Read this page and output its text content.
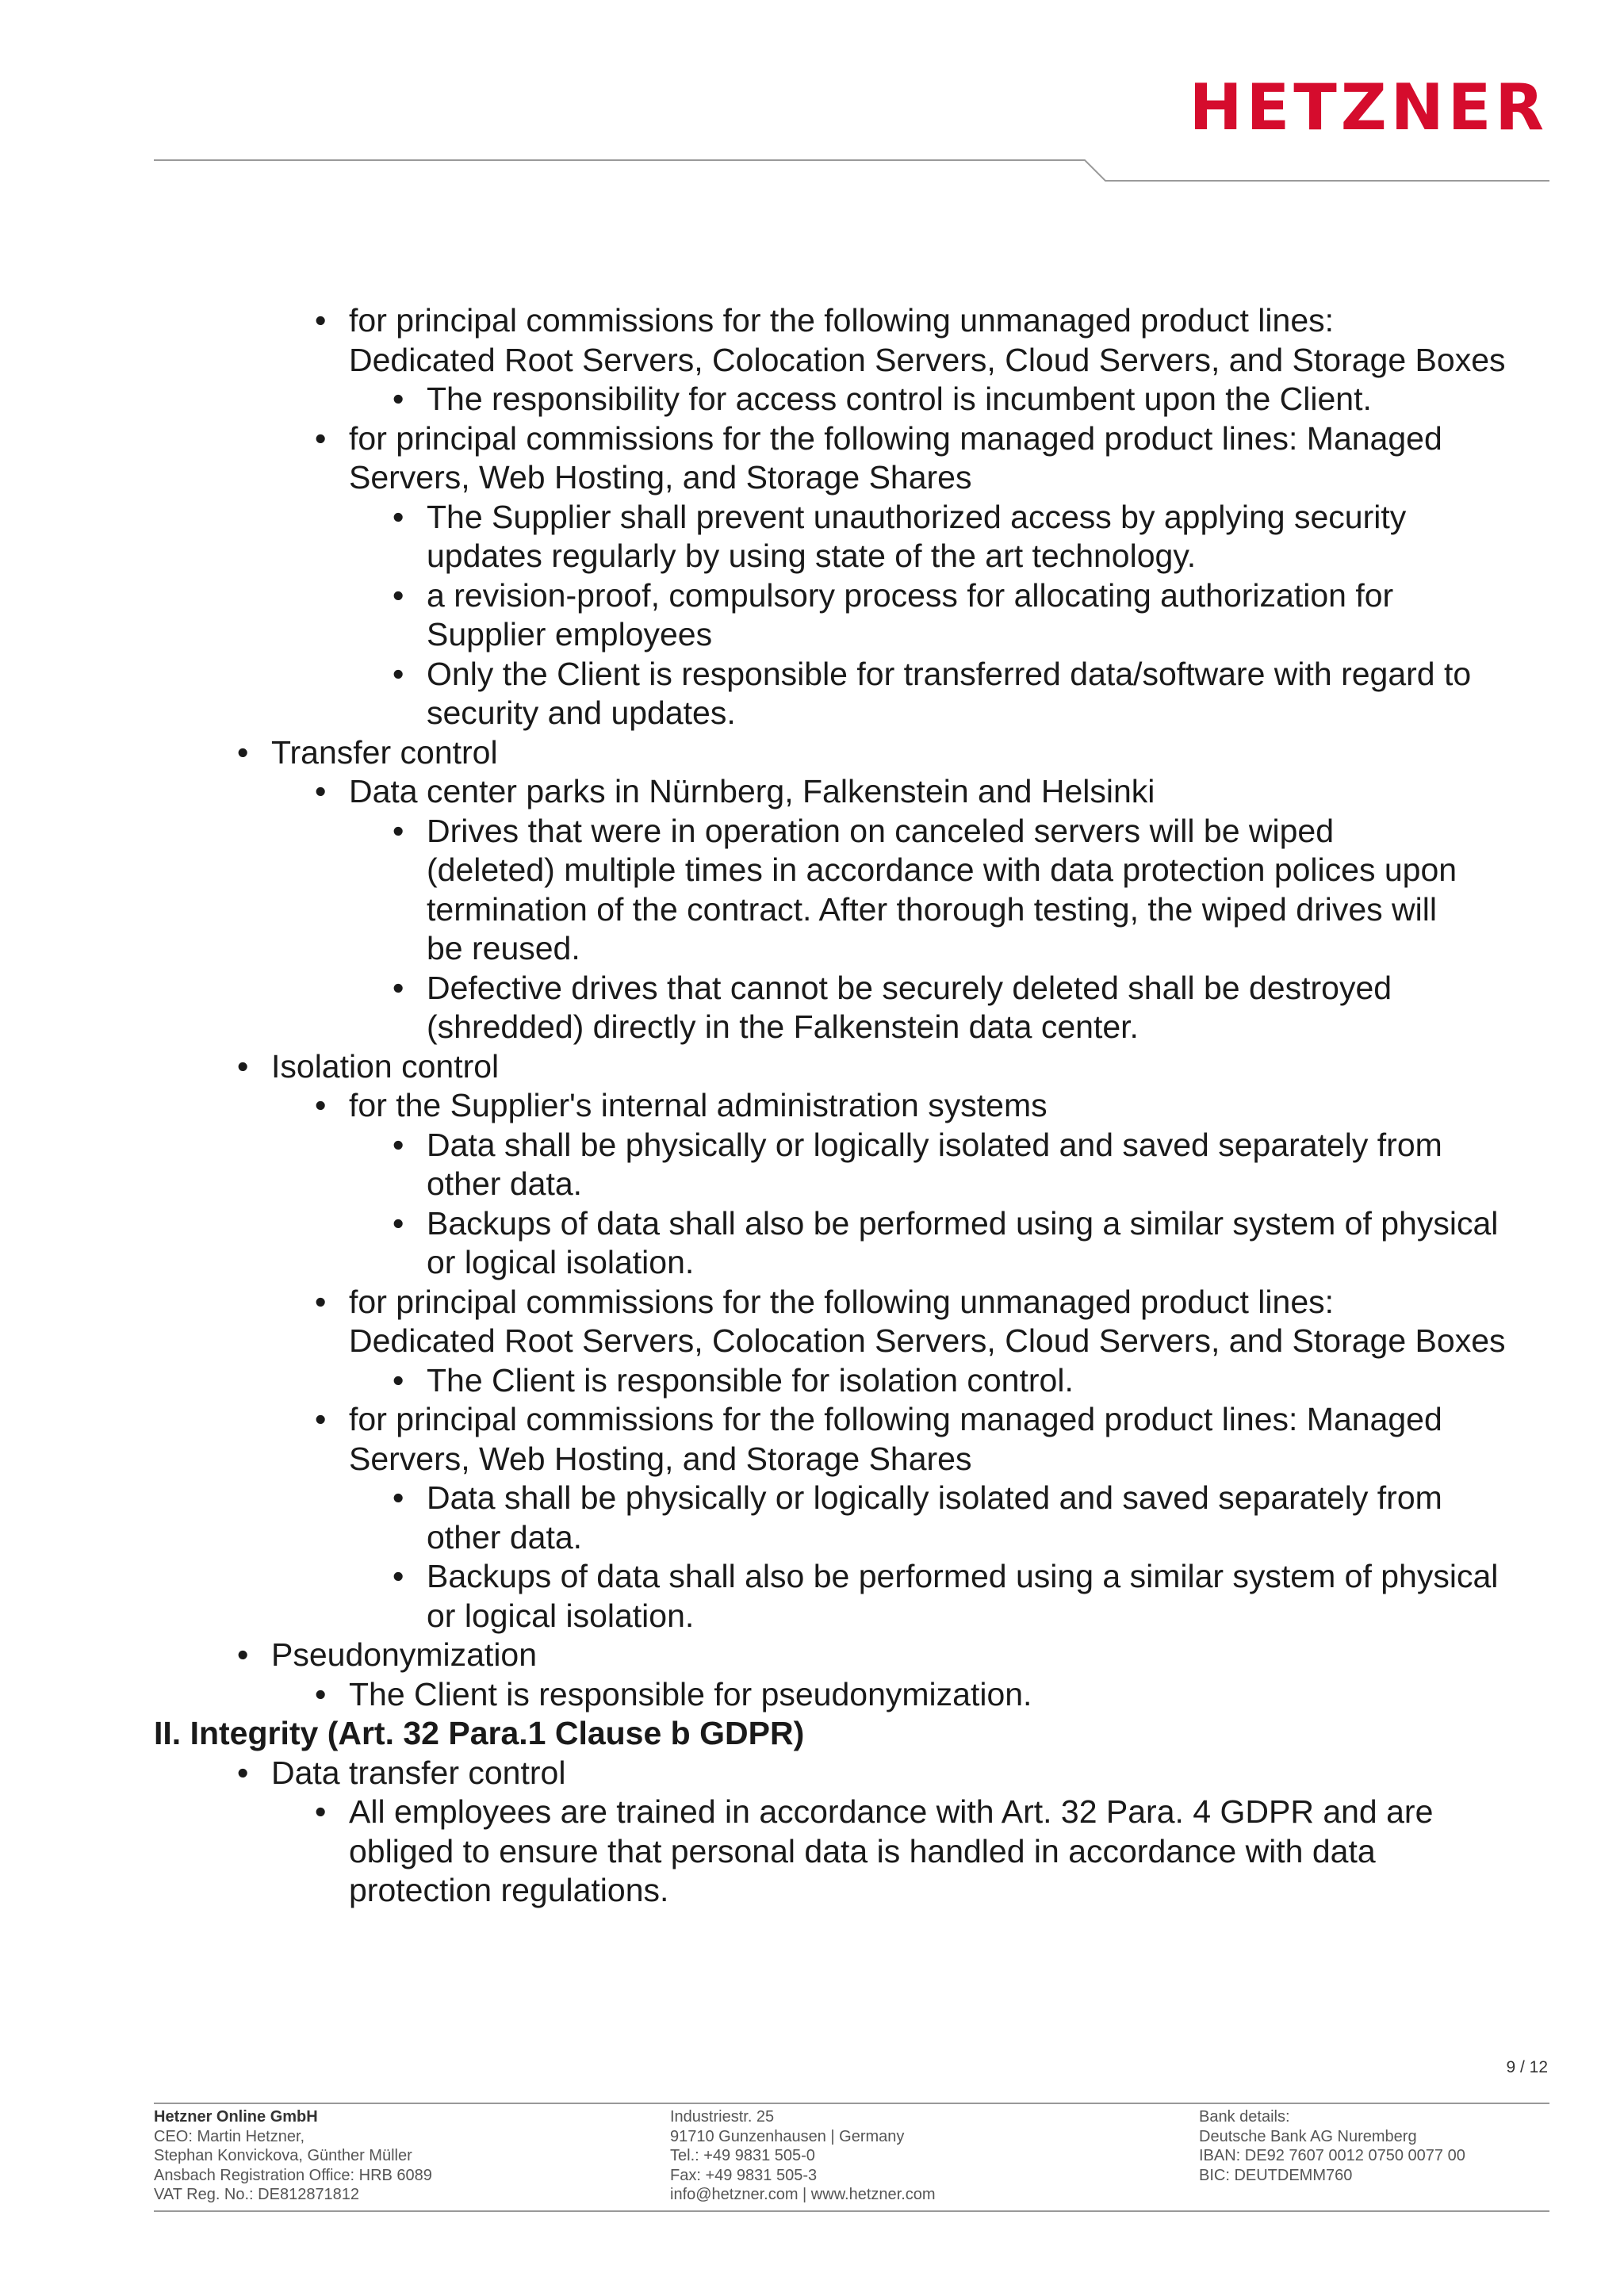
HETZNER
• for principal commissions for the following unmanaged product lines:
Dedicated Root Servers, Colocation Servers, Cloud Servers, and Storage Boxes
• The responsibility for access control is incumbent upon the Client.
• for principal commissions for the following managed product lines: Managed
Servers, Web Hosting, and Storage Shares
• The Supplier shall prevent unauthorized access by applying security
updates regularly by using state of the art technology.
• a revision-proof, compulsory process for allocating authorization for
Supplier employees
• Only the Client is responsible for transferred data/software with regard to
security and updates.
• Transfer control
• Data center parks in Nürnberg, Falkenstein and Helsinki
• Drives that were in operation on canceled servers will be wiped
(deleted) multiple times in accordance with data protection polices upon
termination of the contract. After thorough testing, the wiped drives will
be reused.
• Defective drives that cannot be securely deleted shall be destroyed
(shredded) directly in the Falkenstein data center.
• Isolation control
• for the Supplier's internal administration systems
• Data shall be physically or logically isolated and saved separately from
other data.
• Backups of data shall also be performed using a similar system of physical
or logical isolation.
• for principal commissions for the following unmanaged product lines:
Dedicated Root Servers, Colocation Servers, Cloud Servers, and Storage Boxes
• The Client is responsible for isolation control.
• for principal commissions for the following managed product lines: Managed
Servers, Web Hosting, and Storage Shares
• Data shall be physically or logically isolated and saved separately from
other data.
• Backups of data shall also be performed using a similar system of physical
or logical isolation.
• Pseudonymization
• The Client is responsible for pseudonymization.
II. Integrity (Art. 32 Para.1 Clause b GDPR)
• Data transfer control
• All employees are trained in accordance with Art. 32 Para. 4 GDPR and are
obliged to ensure that personal data is handled in accordance with data
protection regulations.
9 / 12
Hetzner Online GmbH
CEO: Martin Hetzner,
Stephan Konvickova, Günther Müller
Ansbach Registration Office: HRB 6089
VAT Reg. No.: DE812871812
Industriestr. 25
91710 Gunzenhausen | Germany
Tel.: +49 9831 505-0
Fax: +49 9831 505-3
info@hetzner.com | www.hetzner.com
Bank details:
Deutsche Bank AG Nuremberg
IBAN: DE92 7607 0012 0750 0077 00
BIC: DEUTDEMM760
